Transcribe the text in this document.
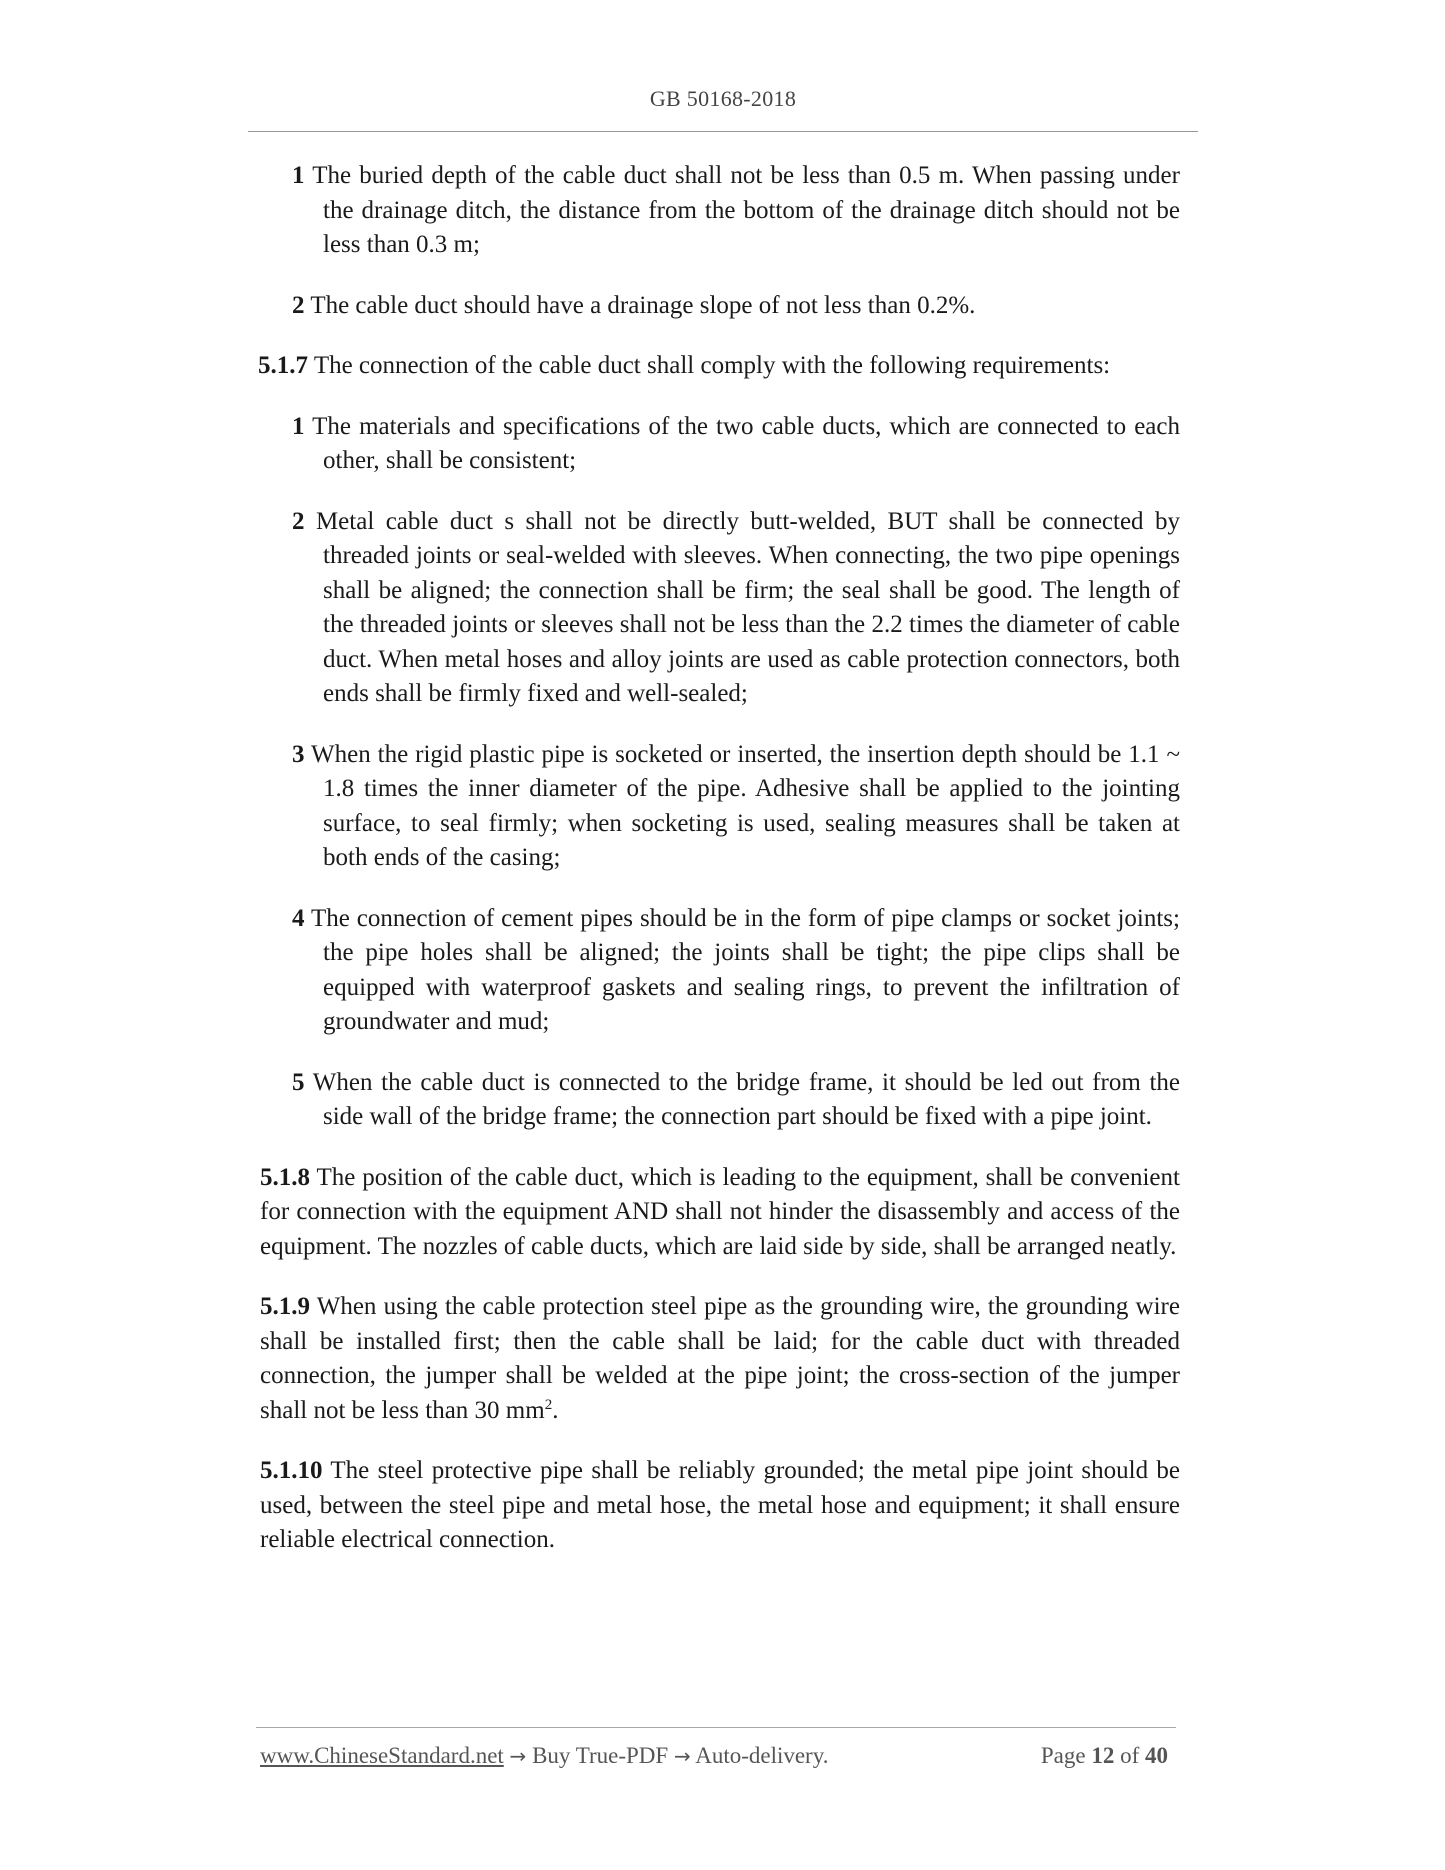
GB 50168-2018

1 The buried depth of the cable duct shall not be less than 0.5 m. When passing under the drainage ditch, the distance from the bottom of the drainage ditch should not be less than 0.3 m;

2 The cable duct should have a drainage slope of not less than 0.2%.

5.1.7 The connection of the cable duct shall comply with the following requirements:

1 The materials and specifications of the two cable ducts, which are connected to each other, shall be consistent;

2 Metal cable duct s shall not be directly butt-welded, BUT shall be connected by threaded joints or seal-welded with sleeves. When connecting, the two pipe openings shall be aligned; the connection shall be firm; the seal shall be good. The length of the threaded joints or sleeves shall not be less than the 2.2 times the diameter of cable duct. When metal hoses and alloy joints are used as cable protection connectors, both ends shall be firmly fixed and well-sealed;

3 When the rigid plastic pipe is socketed or inserted, the insertion depth should be 1.1 ~ 1.8 times the inner diameter of the pipe. Adhesive shall be applied to the jointing surface, to seal firmly; when socketing is used, sealing measures shall be taken at both ends of the casing;

4 The connection of cement pipes should be in the form of pipe clamps or socket joints; the pipe holes shall be aligned; the joints shall be tight; the pipe clips shall be equipped with waterproof gaskets and sealing rings, to prevent the infiltration of groundwater and mud;

5 When the cable duct is connected to the bridge frame, it should be led out from the side wall of the bridge frame; the connection part should be fixed with a pipe joint.

5.1.8 The position of the cable duct, which is leading to the equipment, shall be convenient for connection with the equipment AND shall not hinder the disassembly and access of the equipment. The nozzles of cable ducts, which are laid side by side, shall be arranged neatly.

5.1.9 When using the cable protection steel pipe as the grounding wire, the grounding wire shall be installed first; then the cable shall be laid; for the cable duct with threaded connection, the jumper shall be welded at the pipe joint; the cross-section of the jumper shall not be less than 30 $mm^2$.

5.1.10 The steel protective pipe shall be reliably grounded; the metal pipe joint should be used, between the steel pipe and metal hose, the metal hose and equipment; it shall ensure reliable electrical connection.

www.ChineseStandard.net → Buy True-PDF → Auto-delivery.	Page 12 of 40
